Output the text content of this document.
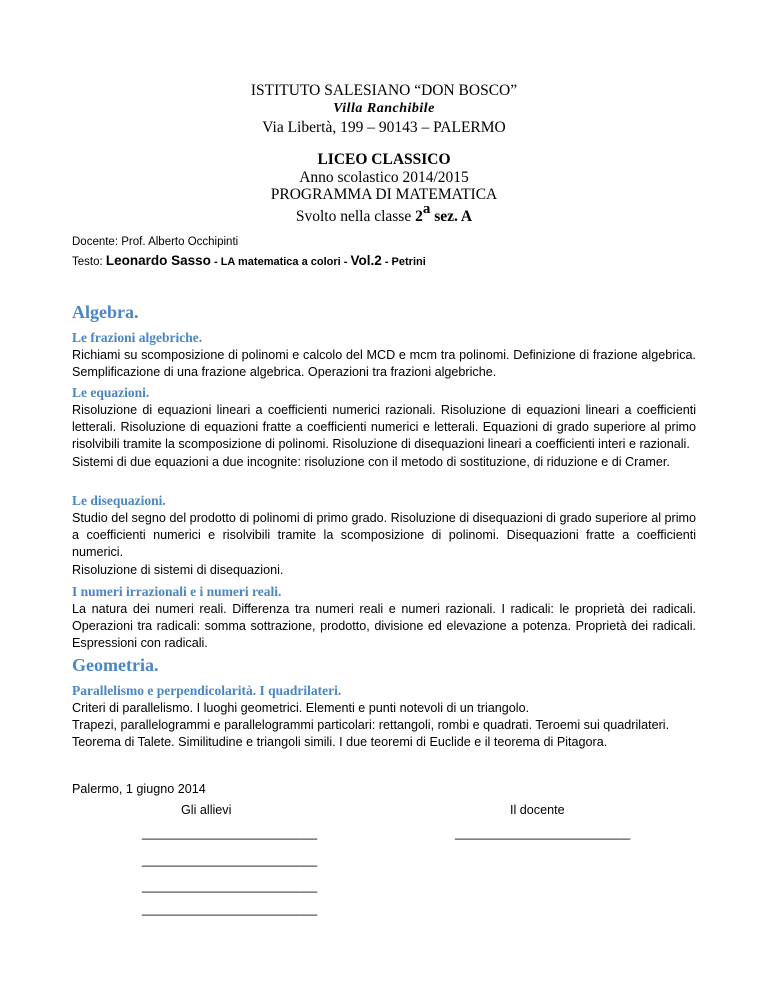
ISTITUTO SALESIANO “DON BOSCO”
Villa Ranchibile
Via Libertà, 199 – 90143 – PALERMO
LICEO CLASSICO
Anno scolastico 2014/2015
PROGRAMMA DI MATEMATICA
Svolto nella classe 2$^a$ sez. A
Docente: Prof. Alberto Occhipinti
Testo: Leonardo Sasso - LA matematica a colori - Vol.2 - Petrini
Algebra.
Le frazioni algebriche.

Richiami su scomposizione di polinomi e calcolo del MCD e mcm tra polinomi. Definizione di frazione algebrica. Semplificazione di una frazione algebrica. Operazioni tra frazioni algebriche.

Le equazioni.

Risoluzione di equazioni lineari a coefficienti numerici razionali. Risoluzione di equazioni lineari a coefficienti letterali. Risoluzione di equazioni fratte a coefficienti numerici e letterali. Equazioni di grado superiore al primo risolvibili tramite la scomposizione di polinomi. Risoluzione di disequazioni lineari a coefficienti interi e razionali.

Sistemi di due equazioni a due incognite: risoluzione con il metodo di sostituzione, di riduzione e di Cramer.

Le disequazioni.

Studio del segno del prodotto di polinomi di primo grado. Risoluzione di disequazioni di grado superiore al primo a coefficienti numerici e risolvibili tramite la scomposizione di polinomi. Disequazioni fratte a coefficienti numerici.

Risoluzione di sistemi di disequazioni.

I numeri irrazionali e i numeri reali.

La natura dei numeri reali. Differenza tra numeri reali e numeri razionali. I radicali: le proprietà dei radicali. Operazioni tra radicali: somma sottrazione, prodotto, divisione ed elevazione a potenza. Proprietà dei radicali. Espressioni con radicali.

Geometria.
Parallelismo e perpendicolarità. I quadrilateri.

Criteri di parallelismo. I luoghi geometrici. Elementi e punti notevoli di un triangolo.

Trapezi, parallelogrammi e parallelogrammi particolari: rettangoli, rombi e quadrati. Teroemi sui quadrilateri.

Teorema di Talete. Similitudine e triangoli simili. I due teoremi di Euclide e il teorema di Pitagora.

Palermo, 1 giugno 2014
Gli allievi	Il docente
_________________________	_________________________
_________________________
_________________________
_________________________
